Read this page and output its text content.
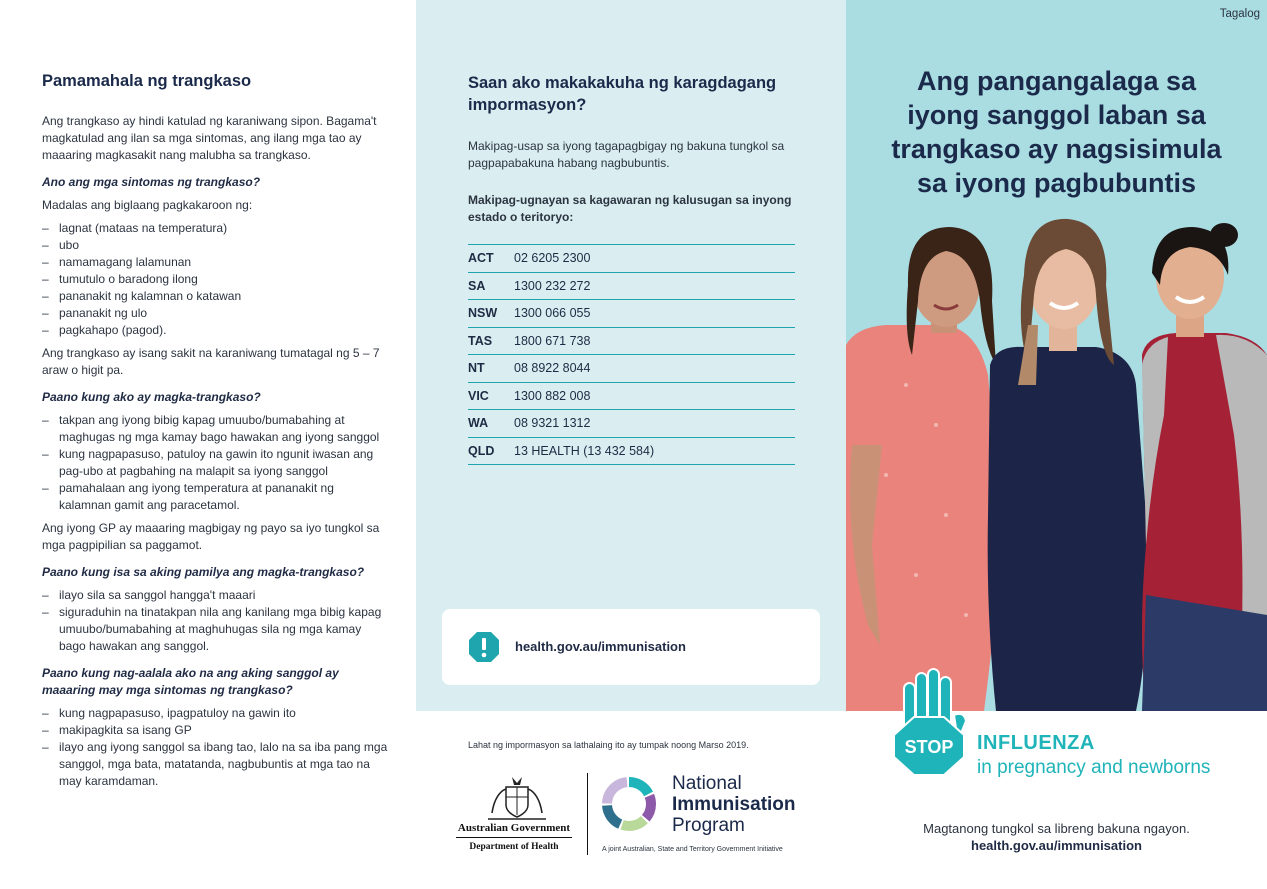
Pamamahala ng trangkaso

Ang trangkaso ay hindi katulad ng karaniwang sipon. Bagama't magkatulad ang ilan sa mga sintomas, ang ilang mga tao ay maaaring magkasakit nang malubha sa trangkaso.

Ano ang mga sintomas ng trangkaso?

Madalas ang biglaang pagkakaroon ng:

– lagnat (mataas na temperatura)
– ubo
– namamagang lalamunan
– tumutulo o baradong ilong
– pananakit ng kalamnan o katawan
– pananakit ng ulo
– pagkahapo (pagod).

Ang trangkaso ay isang sakit na karaniwang tumatagal ng 5 – 7 araw o higit pa.

Paano kung ako ay magka-trangkaso?

– takpan ang iyong bibig kapag umuubo/bumabahing at maghugas ng mga kamay bago hawakan ang iyong sanggol
– kung nagpapasuso, patuloy na gawin ito ngunit iwasan ang pag-ubo at pagbahing na malapit sa iyong sanggol
– pamahalaan ang iyong temperatura at pananakit ng kalamnan gamit ang paracetamol.

Ang iyong GP ay maaaring magbigay ng payo sa iyo tungkol sa mga pagpipilian sa paggamot.

Paano kung isa sa aking pamilya ang magka-trangkaso?

– ilayo sila sa sanggol hangga't maaari
– siguraduhin na tinatakpan nila ang kanilang mga bibig kapag umuubo/bumabahing at maghuhugas sila ng mga kamay bago hawakan ang sanggol.

Paano kung nag-aalala ako na ang aking sanggol ay maaaring may mga sintomas ng trangkaso?

– kung nagpapasuso, ipagpatuloy na gawin ito
– makipagkita sa isang GP
– ilayo ang iyong sanggol sa ibang tao, lalo na sa iba pang mga sanggol, mga bata, matatanda, nagbubuntis at mga tao na may karamdaman.
Saan ako makakakuha ng karagdagang impormasyon?

Makipag-usap sa iyong tagapagbigay ng bakuna tungkol sa pagpapabakuna habang nagbubuntis.

Makipag-ugnayan sa kagawaran ng kalusugan sa inyong estado o teritoryo:

ACT	02 6205 2300
SA	1300 232 272
NSW	1300 066 055
TAS	1800 671 738
NT	08 8922 8044
VIC	1300 882 008
WA	08 9321 1312
QLD	13 HEALTH (13 432 584)
health.gov.au/immunisation
Lahat ng impormasyon sa lathalaing ito ay tumpak noong Marso 2019.
Australian Government
Department of Health
National
Immunisation
Program
A joint Australian, State and Territory Government Initiative
Tagalog
Ang pangangalaga sa
iyong sanggol laban sa
trangkaso ay nagsisimula
sa iyong pagbubuntis
STOP INFLUENZA
in pregnancy and newborns
Magtanong tungkol sa libreng bakuna ngayon.
health.gov.au/immunisation
